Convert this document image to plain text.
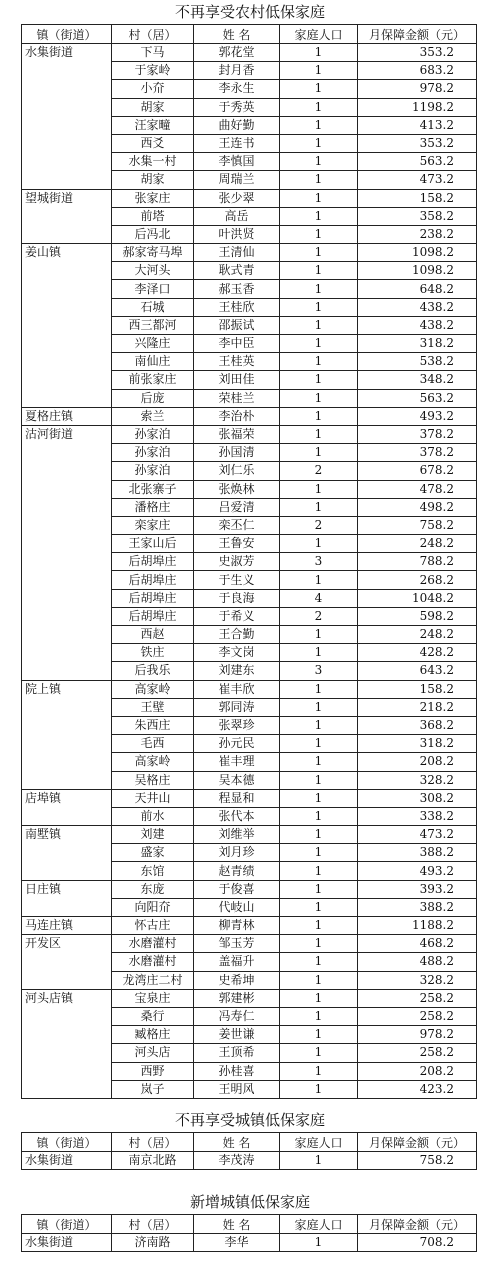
不再享受农村低保家庭
镇（街道）	村（居）	姓 名	家庭人口	月保障金额（元）
水集街道	下马	郭花堂	1	353.2
	于家岭	封月香	1	683.2
	小夼	李永生	1	978.2
	胡家	于秀英	1	1198.2
	汪家疃	曲好勤	1	413.2
	西爻	王连书	1	353.2
	水集一村	李慎国	1	563.2
	胡家	周瑞兰	1	473.2
望城街道	张家庄	张少翠	1	158.2
	前塔	高岳	1	358.2
	后冯北	叶洪贤	1	238.2
姜山镇	郝家寄马埠	王清仙	1	1098.2
	大河头	耿式青	1	1098.2
	李泽口	郝玉香	1	648.2
	石城	王桂欣	1	438.2
	西三都河	邵振试	1	438.2
	兴隆庄	李中臣	1	318.2
	南仙庄	王桂英	1	538.2
	前张家庄	刘田佳	1	348.2
	后庞	荣桂兰	1	563.2
夏格庄镇	索兰	李治朴	1	493.2
沽河街道	孙家泊	张福荣	1	378.2
	孙家泊	孙国清	1	378.2
	孙家泊	刘仁乐	2	678.2
	北张寨子	张焕林	1	478.2
	潘格庄	吕爱清	1	498.2
	栾家庄	栾丕仁	2	758.2
	王家山后	王鲁安	1	248.2
	后胡埠庄	史淑芳	3	788.2
	后胡埠庄	于生义	1	268.2
	后胡埠庄	于良海	4	1048.2
	后胡埠庄	于希义	2	598.2
	西赵	王合勤	1	248.2
	铁庄	李文岗	1	428.2
	后我乐	刘建东	3	643.2
院上镇	高家岭	崔丰欣	1	158.2
	王壁	郭同涛	1	218.2
	朱西庄	张翠珍	1	368.2
	毛西	孙元民	1	318.2
	高家岭	崔丰理	1	208.2
	吴格庄	吴本德	1	328.2
店埠镇	天井山	程显和	1	308.2
	前水	张代本	1	338.2
南墅镇	刘建	刘维举	1	473.2
	盛家	刘月珍	1	388.2
	东馆	赵青绩	1	493.2
日庄镇	东庞	于俊喜	1	393.2
	向阳夼	代岐山	1	388.2
马连庄镇	怀古庄	柳青林	1	1188.2
开发区	水磨灌村	邹玉芳	1	468.2
	水磨灌村	盖福升	1	488.2
	龙湾庄二村	史希坤	1	328.2
河头店镇	宝泉庄	郭建彬	1	258.2
	桑行	冯寿仁	1	258.2
	臧格庄	姜世谦	1	978.2
	河头店	王顶希	1	258.2
	西野	孙桂喜	1	208.2
	岚子	王明风	1	423.2
不再享受城镇低保家庭
镇（街道）	村（居）	姓 名	家庭人口	月保障金额（元）
水集街道	南京北路	李茂涛	1	758.2
新增城镇低保家庭
镇（街道）	村（居）	姓 名	家庭人口	月保障金额（元）
水集街道	济南路	李华	1	708.2
